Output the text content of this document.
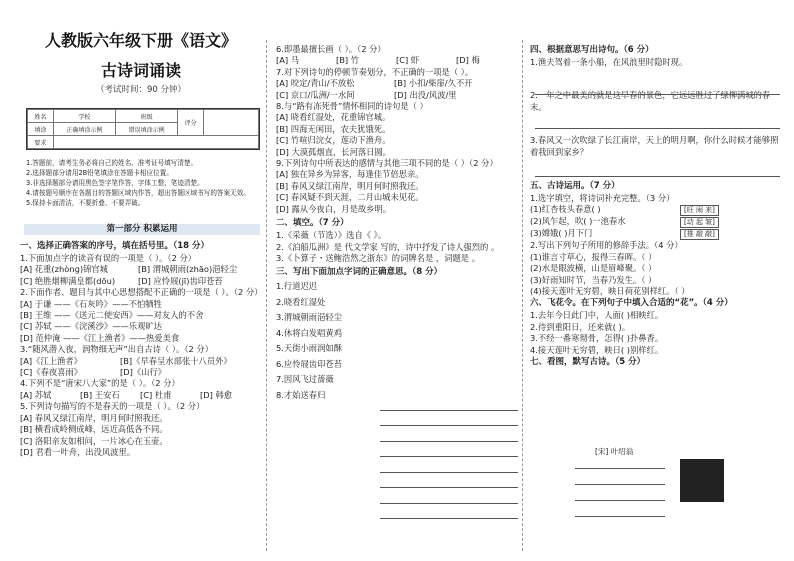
人教版六年级下册《语文》
古诗词诵读
（考试时间：90 分钟）
姓名	学校	班级	评分	
填涂	正确填涂示例	错误填涂示例		
要求				
1.答题前，请考生务必将自己的姓名、准考证号填写清楚。
2.选择题部分请用2B铅笔填涂在答题卡相应位置。
3.非选择题部分请用黑色签字笔作答，字体工整、笔迹清楚。
4.请按题号顺序在各题目的答题区域内作答，超出答题区域书写的答案无效。
5.保持卡面清洁，不要折叠、不要弄破。
第一部分 积累运用
一、选择正确答案的序号，填在括号里。（18 分）
1.下面加点字的读音有误的一项是（ ）。（2 分）
[A] 花重(zhònɡ)锦官城	[B] 渭城朝雨(zhāo)浥轻尘
[C] 绝胜烟柳满皇都(dōu)	[D] 应怜屐(jī)齿印苍苔
2.下面作者、题目与其中心思想搭配不正确的一项是（ ）。（2 分）
[A] 于谦 ——《石灰吟》——不怕牺牲
[B] 王维 ——《送元二使安西》——对友人的不舍
[C] 苏轼 ——《浣溪沙》——乐观旷达
[D] 范仲淹 ——《江上渔者》——热爱美食
3.“随风潜入夜，润物细无声”出自古诗（ ）。（2 分）
[A]《江上渔者》	[B]《早春呈水部张十八员外》
[C]《春夜喜雨》	[D]《山行》
4.下列不是“唐宋八大家”的是（ ）。（2 分）
[A] 苏轼	[B] 王安石 [C] 杜甫	[D] 韩愈
5.下列诗句描写的不是春天的一项是（ ）。（2 分）
[A] 春风又绿江南岸，明月何时照我还。
[B] 横看成岭侧成峰，远近高低各不同。
[C] 洛阳亲友如相问，一片冰心在玉壶。
[D] 君看一叶舟，出没风波里。
6.即墨最擅长画（ ）。（2 分）
[A] 马	[B] 竹	[C] 虾	[D] 梅
7.对下列诗句的停顿节奏划分，不正确的一项是（ ）。
[A] 咬定/青山/不放松	[B] 小扣/柴扉/久不开
[C] 京口/瓜洲/一水间	[D] 出没/风波/里
8.与“路有冻死骨”情怀相同的诗句是（ ）
[A] 晓看红湿处，花重锦官城。
[B] 四海无闲田，农夫犹饿死。
[C] 竹喧归浣女，莲动下渔舟。
[D] 大漠孤烟直，长河落日圆。
9.下列诗句中所表达的感情与其他三项不同的是（ ）（2 分）
[A] 独在异乡为异客，每逢佳节倍思亲。
[B] 春风又绿江南岸，明月何时照我还。
[C] 春风疑不到天涯，二月山城未见花。
[D] 露从今夜白，月是故乡明。
二、填空。（7 分）
1.《采薇（节选）》选自《 》。
2.《泊船瓜洲》是 代文学家 写的，诗中抒发了诗人强烈的 。
3.《卜算子・送鲍浩然之浙东》的词牌名是 ，词题是 。
三、写出下面加点字词的正确意思。（8 分）
1.行道迟迟
2.晓看红湿处
3.渭城朝雨浥轻尘
4.休将白发唱黄鸡
5.天街小雨润如酥
6.应怜屐齿印苍苔
7.因风飞过蔷薇
8.才始送春归
四、根据意思写出诗句。（6 分）
1.渔夫驾着一条小船，在风浪里时隐时现。
2.一年之中最美的就是这早春的景色，它远远胜过了绿柳满城的春末。
3.春风又一次吹绿了长江南岸，天上的明月啊，你什么时候才能够照着我回到家乡？
五、古诗运用。（7 分）
1.选字填空，将诗词补充完整。（3 分）
(1)红杏枝头春意( )	[旺 闹 来]
(2)风乍起，吹( )一池春水	[动 起 皱]
(3)嫦娥( )月下门	[推 敲 敲]
2.写出下列句子所用的修辞手法。（4 分）
(1)谁言寸草心，报得三春晖。（ ）
(2)水是眼波横，山是眉峰聚。（ ）
(3)好雨知时节，当春乃发生。（ ）
(4)接天莲叶无穷碧，映日荷花别样红。（ ）
六、飞花令。在下列句子中填入合适的“花”。（4 分）
1.去年今日此门中，人面( )相映红。
2.待到重阳日，还来就( )。
3.不经一番寒彻骨，怎得( )扑鼻香。
4.接天莲叶无穷碧，映日( )别样红。
七、看图，默写古诗。（5 分）
[宋] 叶绍翁
